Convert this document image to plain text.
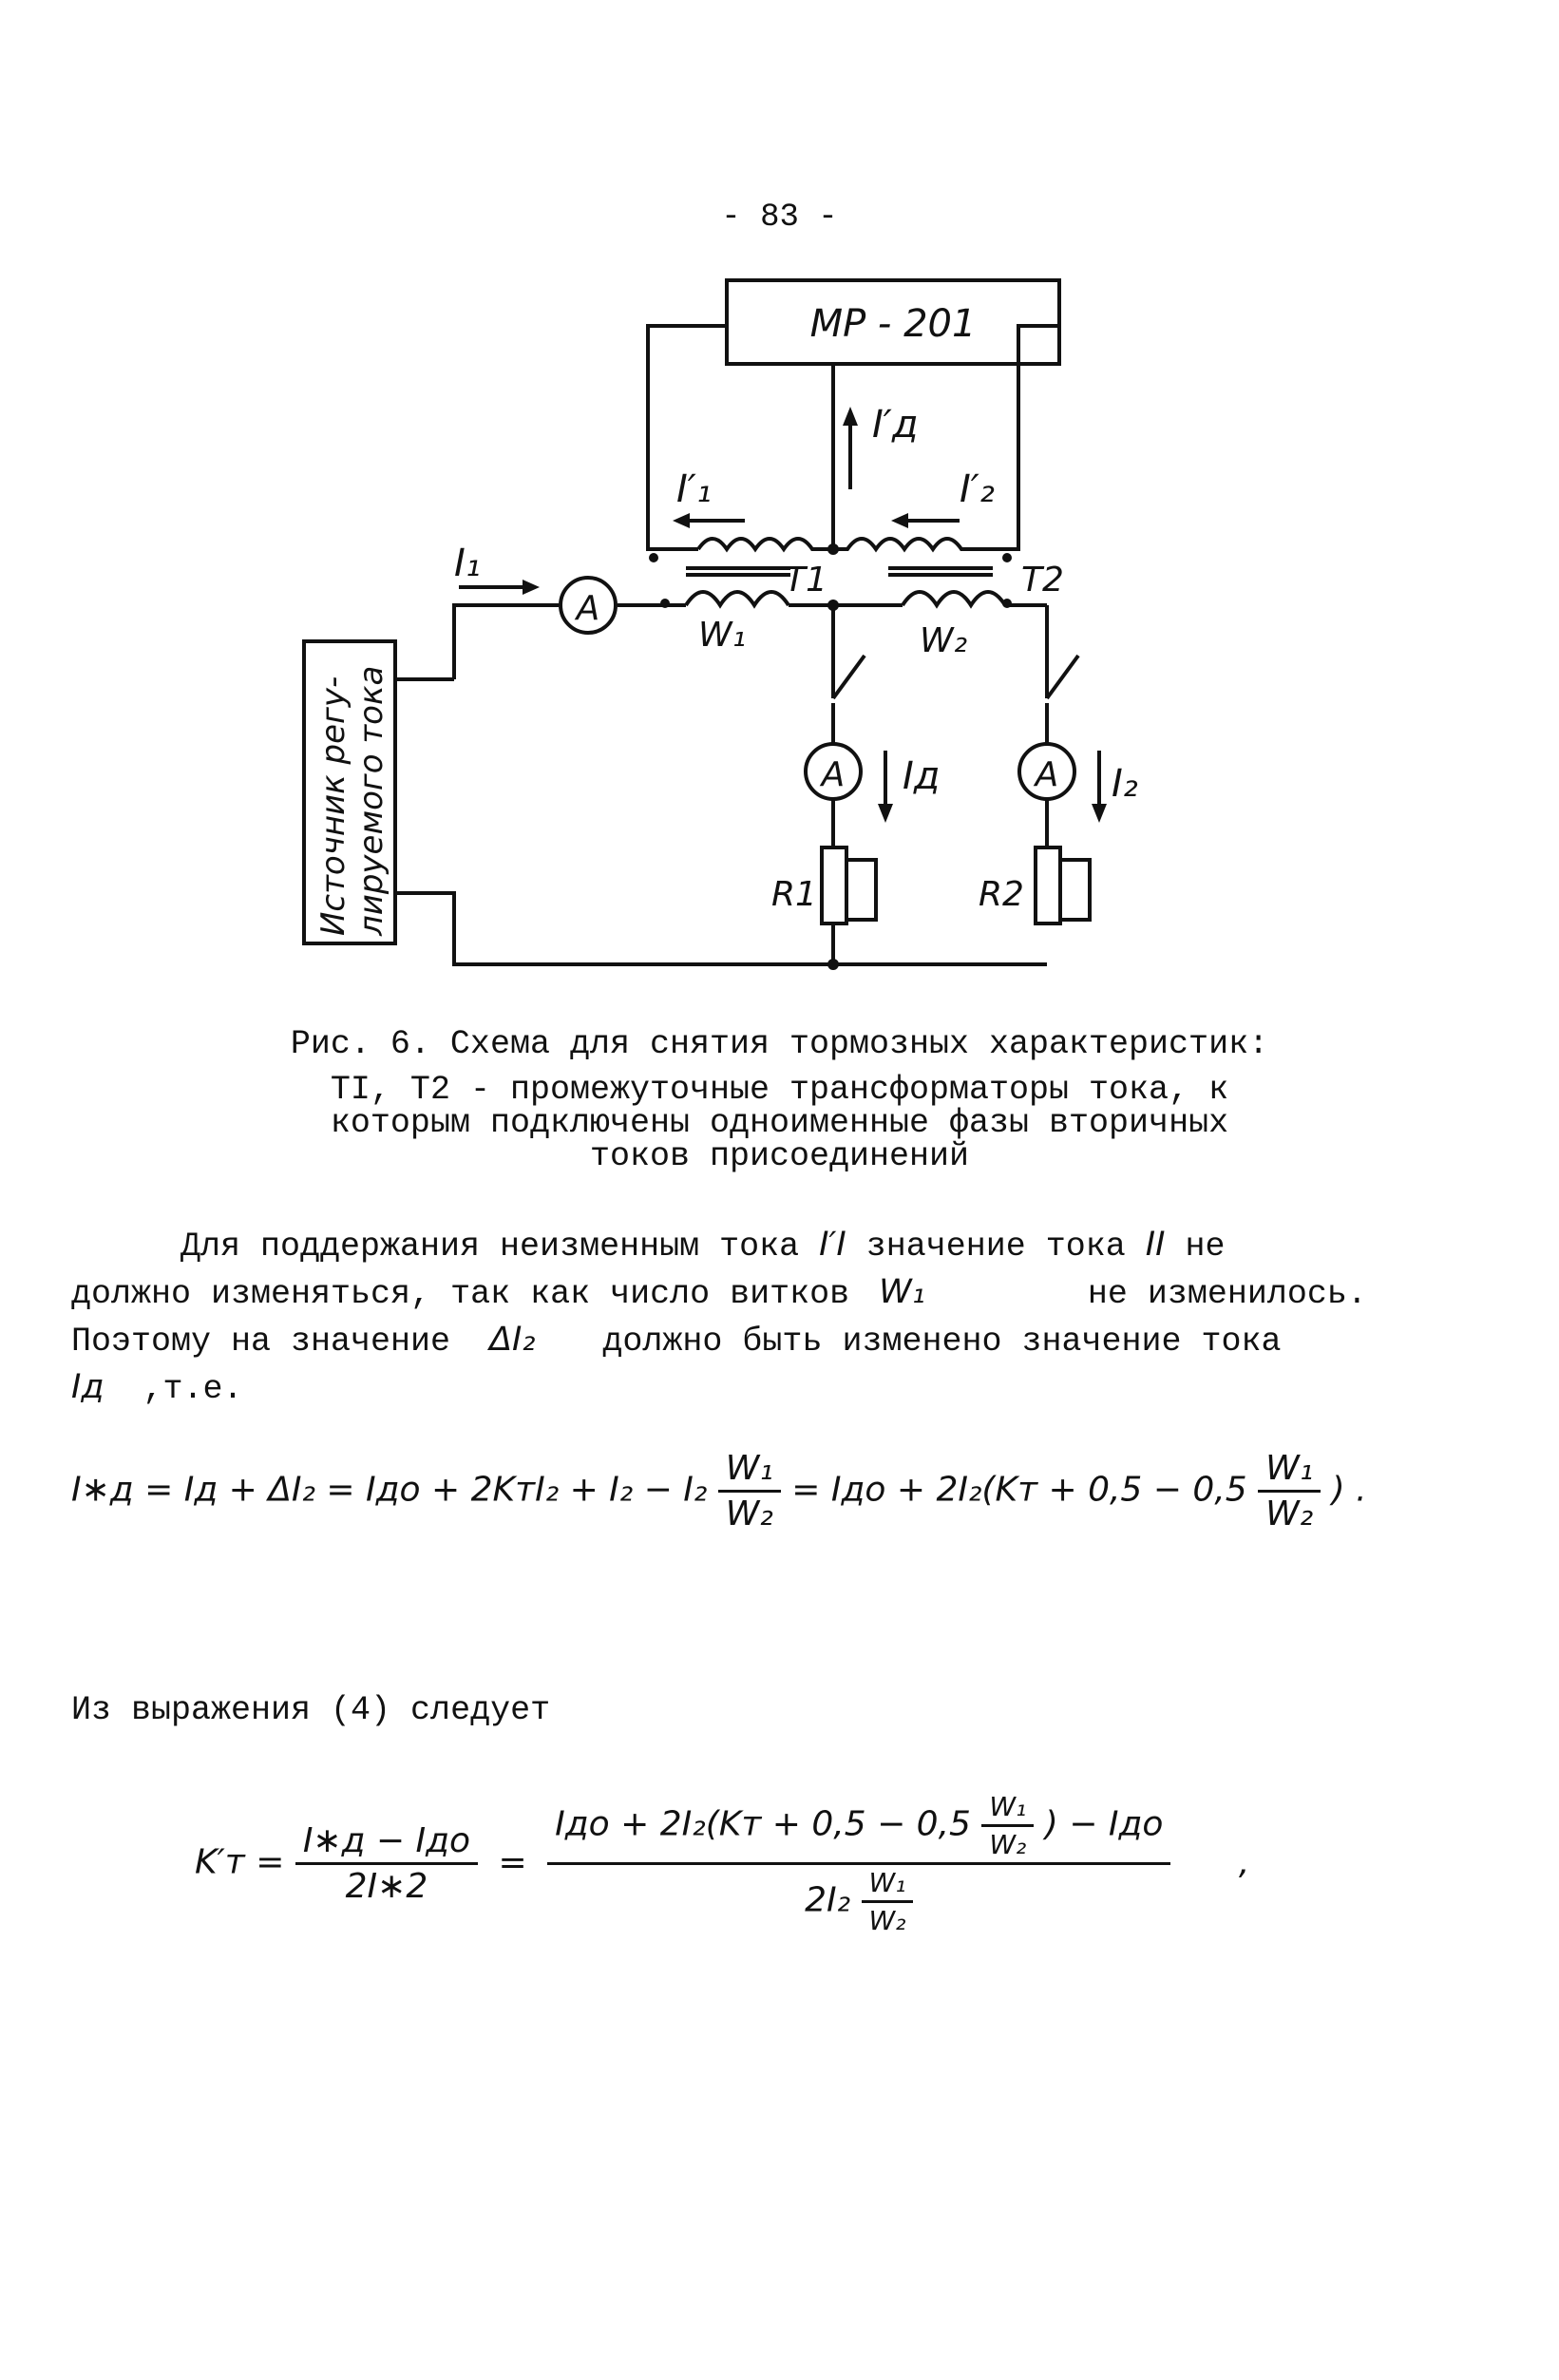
- 83 -
МР - 201
I₁
I′₁	I′₂
I′д
A
A	A
T1	T2
W₁	W₂
Iд	I₂
R1	R2
Источник регу- лируемого тока
Рис. 6. Схема для снятия тормозных характеристик:
TI, T2 - промежуточные трансформаторы тока, к
которым подключены одноименные фазы вторичных
токов присоединений
Для поддержания неизменным тока I′I значение тока II не
должно изменяться, так как число витков W₁	не изменилось.
Поэтому на значение ΔI₂ должно быть изменено значение тока
Iд ,т.е.
I∗д = Iд + ΔI₂ = Iдо + $2KтI_2 + I_2 - I_2 \frac{\text{W₁}}{\text{W₂}}$ = Iдо + $2I_2(Kт + 0,5 - 0,5 \frac{\text{W₁}}{\text{W₂}}$ ) .
Из выражения (4) следует
$K'т = \frac{\text{I∗д − Iдо}}{2I∗2}$ =
Iдо + $2I_2(Kт + 0,5 - 0,5 \frac{\text{W₁}}{\text{W₂}}$ ) − Iдо
$2I_2 \frac{\text{W₁}}{\text{W₂}}$
,
